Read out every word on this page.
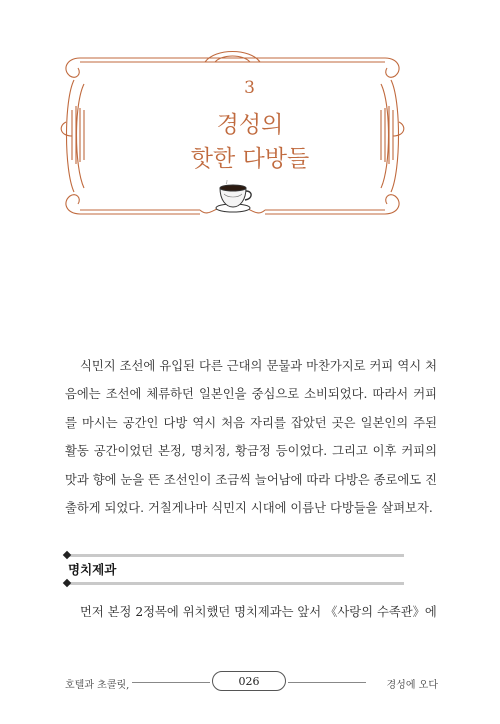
3
경성의
핫한 다방들

식민지 조선에 유입된 다른 근대의 문물과 마찬가지로 커피 역시 처음에는 조선에 체류하던 일본인을 중심으로 소비되었다. 따라서 커피를 마시는 공간인 다방 역시 처음 자리를 잡았던 곳은 일본인의 주된 활동 공간이었던 본정, 명치정, 황금정 등이었다. 그리고 이후 커피의 맛과 향에 눈을 뜬 조선인이 조금씩 늘어남에 따라 다방은 종로에도 진출하게 되었다. 거칠게나마 식민지 시대에 이름난 다방들을 살펴보자.

명치제과

먼저 본정 2정목에 위치했던 명치제과는 앞서 《사랑의 수족관》에

호텔과 초콜릿,	026	경성에 오다
